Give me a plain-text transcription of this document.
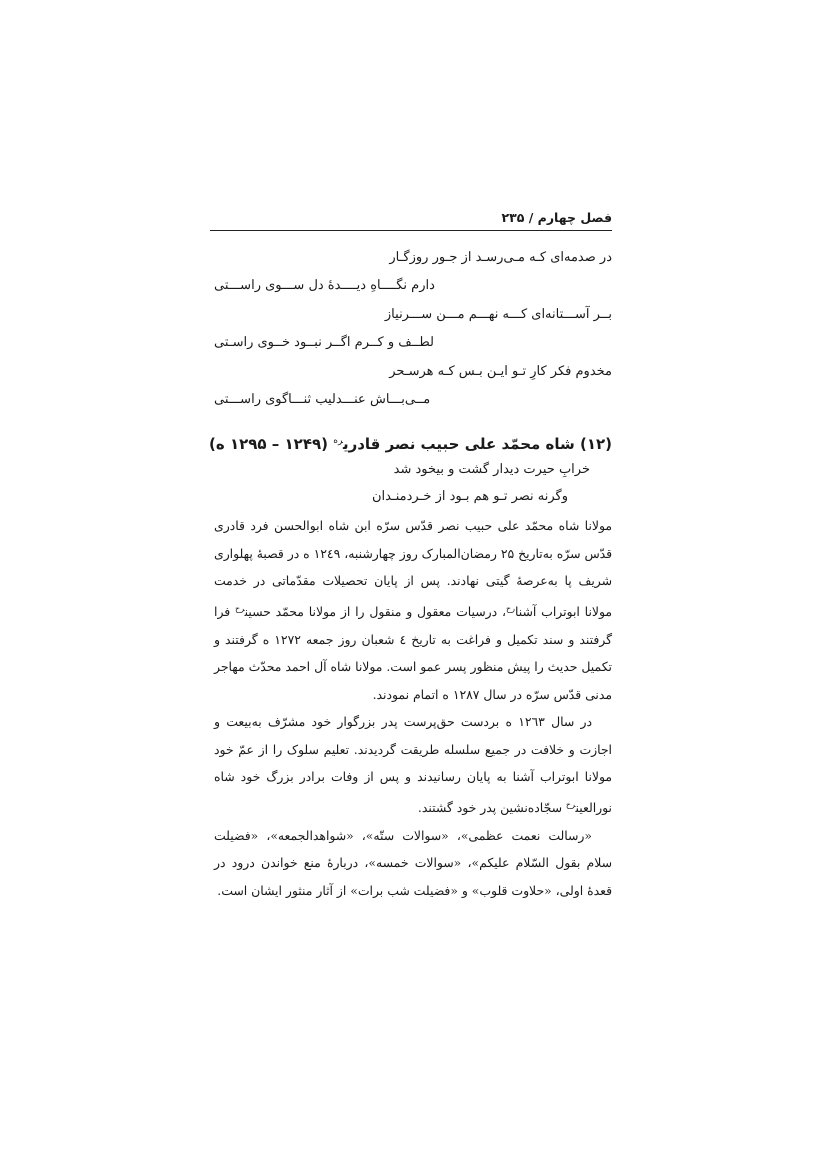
فصل چهارم / ۲۳۵
در صدمه‌ای کـه مـی‌رسـد از جـور روزگـار
دارم نگــــاهِ دیــــدهٔ دل ســـوی راســـتی
بــر آســـتانه‌ای کـــه نهـــم مـــن ســـرنیاز
لطــف و کــرم اگــر نبــود خــوی راسـتی
مخدوم فکر کارِ تـو ایـن بـس کـه هرسـحر
مــی‌بـــاش عنـــدلیب ثنـــاگوی راســـتی
(۱۲) شاه محمّد علی حبیب نصر قادری$^{ره}$ (۱۲۴۹ – ۱۲۹۵ ه)
خرابِ حیرت دیدار گشت و بیخود شد
وگرنه نصر تـو هم بـود از خـردمنـدان

مولانا شاه محمّد علی حبیب نصر قدّس سرّه ابن شاه ابوالحسن فرد قادری قدّس سرّه به‌تاریخ ۲۵ رمضان‌المبارک روز چهارشنبه، ۱۲٤۹ ه در قصبهٔ پهلواری شریف پا به‌عرصهٔ گیتی نهادند. پس از پایان تحصیلات مقدّماتی در خدمت مولانا ابوتراب آشنا$^{رح}$، درسیات معقول و منقول را از مولانا محمّد حسین$^{رح}$ فرا گرفتند و سند تکمیل و فراغت به تاریخ ٤ شعبان روز جمعه ۱۲۷۲ ه گرفتند و تکمیل حدیث را پیش منظور پسر عمو است. مولانا شاه آل احمد محدّث مهاجر مدنی قدّس سرّه در سال ۱۲۸۷ ه اتمام نمودند.

در سال ۱۲٦۳ ه بردست حق‌پرست پدر بزرگوار خود مشرّف به‌بیعت و اجازت و خلافت در جمیع سلسله طریقت گردیدند. تعلیم سلوک را از عمّ خود مولانا ابوتراب آشنا به پایان رسانیدند و پس از وفات برادر بزرگ خود شاه نورالعین$^{رح}$ سجّاده‌نشین پدر خود گشتند.

«رسالت نعمت عظمی»، «سوالات ستّه»، «شواهدالجمعه»، «فضیلت سلام بقول السّلام علیکم»، «سوالات خمسه»، دربارهٔ منع خواندن درود در قعدهٔ اولی، «حلاوت قلوب» و «فضیلت شب برات» از آثار منثور ایشان است.
